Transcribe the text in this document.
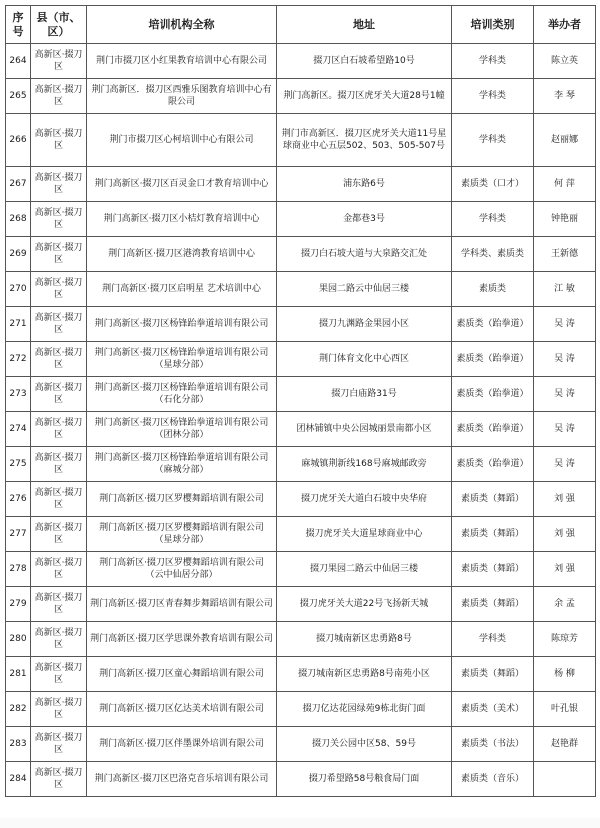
序号	县（市、区）	培训机构全称	地址	培训类别	举办者
264	高新区·掇刀区	荆门市掇刀区小红果教育培训中心有限公司	掇刀区白石坡希望路10号	学科类	陈立英
265	高新区·掇刀区	荆门高新区．掇刀区西雅乐图教育培训中心有限公司	荆门高新区。掇刀区虎牙关大道28号1幢	学科类	李 琴
266	高新区·掇刀区	荆门市掇刀区心柯培训中心有限公司	荆门市高新区．掇刀区虎牙关大道11号星球商业中心五层502、503、505-507号	学科类	赵丽娜
267	高新区·掇刀区	荆门高新区·掇刀区百灵金口才教育培训中心	浦东路6号	素质类（口才）	何 萍
268	高新区·掇刀区	荆门高新区·掇刀区小桔灯教育培训中心	金都巷3号	学科类	钟艳丽
269	高新区·掇刀区	荆门高新区·掇刀区港湾教育培训中心	掇刀白石坡大道与大泉路交汇处	学科类、素质类	王新德
270	高新区·掇刀区	荆门高新区·掇刀区启明星 艺术培训中心	果园二路云中仙居三楼	素质类	江 敏
271	高新区·掇刀区	荆门高新区·掇刀区杨锋跆拳道培训有限公司	掇刀九渊路金果园小区	素质类（跆拳道）	吴 涛
272	高新区·掇刀区	荆门高新区·掇刀区杨锋跆拳道培训有限公司（星球分部）	荆门体育文化中心西区	素质类（跆拳道）	吴 涛
273	高新区·掇刀区	荆门高新区·掇刀区杨锋跆拳道培训有限公司 （石化分部）	掇刀白庙路31号	素质类（跆拳道）	吴 涛
274	高新区·掇刀区	荆门高新区·掇刀区杨锋跆拳道培训有限公司 （团林分部）	团林铺镇中央公园城丽景南都小区	素质类（跆拳道）	吴 涛
275	高新区·掇刀区	荆门高新区·掇刀区杨锋跆拳道培训有限公司 （麻城分部）	麻城镇荆新线168号麻城邮政旁	素质类（跆拳道）	吴 涛
276	高新区·掇刀区	荆门高新区·掇刀区罗樱舞蹈培训有限公司	掇刀虎牙关大道白石坡中央华府	素质类（舞蹈）	刘 强
277	高新区·掇刀区	荆门高新区·掇刀区罗樱舞蹈培训有限公司 （星球分部）	掇刀虎牙关大道星球商业中心	素质类（舞蹈）	刘 强
278	高新区·掇刀区	荆门高新区·掇刀区罗樱舞蹈培训有限公司 （云中仙居分部）	掇刀果园二路云中仙居三楼	素质类（舞蹈）	刘 强
279	高新区·掇刀区	荆门高新区·掇刀区青春舞步舞蹈培训有限公司	掇刀虎牙关大道22号飞扬新天城	素质类（舞蹈）	余 孟
280	高新区·掇刀区	荆门高新区·掇刀区学思课外教育培训有限公司	掇刀城南新区忠勇路8号	学科类	陈琼芳
281	高新区·掇刀区	荆门高新区·掇刀区童心舞蹈培训有限公司	掇刀城南新区忠勇路8号南苑小区	素质类（舞蹈）	杨 柳
282	高新区·掇刀区	荆门高新区·掇刀区亿达美术培训有限公司	掇刀亿达花园绿苑9栋北街门面	素质类（美术）	叶孔银
283	高新区·掇刀区	荆门高新区·掇刀区伴墨课外培训有限公司	掇刀关公园中区58、59号	素质类（书法）	赵艳群
284	高新区·掇刀区	荆门高新区·掇刀区巴洛克音乐培训有限公司	掇刀希望路58号粮食局门面	素质类（音乐）	
